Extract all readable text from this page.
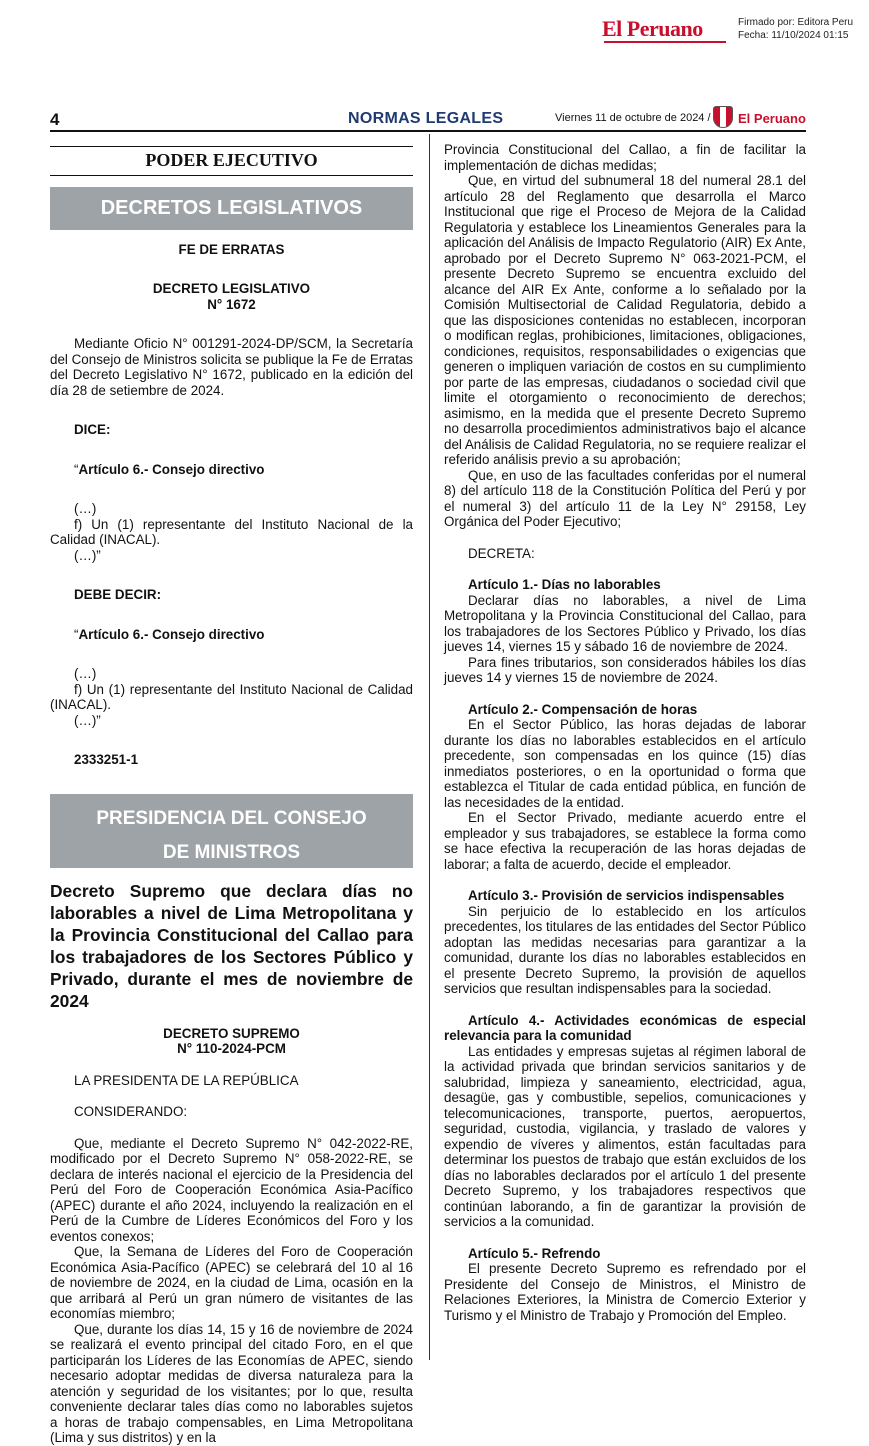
El Peruano	Firmado por: Editora Peru
Fecha: 11/10/2024 01:15
4	NORMAS LEGALES	Viernes 11 de octubre de 2024 / El Peruano
PODER EJECUTIVO
DECRETOS LEGISLATIVOS
FE DE ERRATAS
DECRETO LEGISLATIVO
N° 1672

Mediante Oficio N° 001291-2024-DP/SCM, la Secretaría del Consejo de Ministros solicita se publique la Fe de Erratas del Decreto Legislativo N° 1672, publicado en la edición del día 28 de setiembre de 2024.

DICE:
“Artículo 6.- Consejo directivo
(…)

f) Un (1) representante del Instituto Nacional de la Calidad (INACAL).

(…)”
DEBE DECIR:
“Artículo 6.- Consejo directivo
(…)

f) Un (1) representante del Instituto Nacional de Calidad (INACAL).

(…)”
2333251-1
PRESIDENCIA DEL CONSEJO
DE MINISTROS
Decreto Supremo que declara días no laborables a nivel de Lima Metropolitana y la Provincia Constitucional del Callao para los trabajadores de los Sectores Público y Privado, durante el mes de noviembre de 2024
DECRETO SUPREMO
N° 110-2024-PCM
LA PRESIDENTA DE LA REPÚBLICA
CONSIDERANDO:

Que, mediante el Decreto Supremo N° 042-2022-RE, modificado por el Decreto Supremo N° 058-2022-RE, se declara de interés nacional el ejercicio de la Presidencia del Perú del Foro de Cooperación Económica Asia-Pacífico (APEC) durante el año 2024, incluyendo la realización en el Perú de la Cumbre de Líderes Económicos del Foro y los eventos conexos;

Que, la Semana de Líderes del Foro de Cooperación Económica Asia-Pacífico (APEC) se celebrará del 10 al 16 de noviembre de 2024, en la ciudad de Lima, ocasión en la que arribará al Perú un gran número de visitantes de las economías miembro;

Que, durante los días 14, 15 y 16 de noviembre de 2024 se realizará el evento principal del citado Foro, en el que participarán los Líderes de las Economías de APEC, siendo necesario adoptar medidas de diversa naturaleza para la atención y seguridad de los visitantes; por lo que, resulta conveniente declarar tales días como no laborables sujetos a horas de trabajo compensables, en Lima Metropolitana (Lima y sus distritos) y en la

Provincia Constitucional del Callao, a fin de facilitar la implementación de dichas medidas;

Que, en virtud del subnumeral 18 del numeral 28.1 del artículo 28 del Reglamento que desarrolla el Marco Institucional que rige el Proceso de Mejora de la Calidad Regulatoria y establece los Lineamientos Generales para la aplicación del Análisis de Impacto Regulatorio (AIR) Ex Ante, aprobado por el Decreto Supremo N° 063-2021-PCM, el presente Decreto Supremo se encuentra excluido del alcance del AIR Ex Ante, conforme a lo señalado por la Comisión Multisectorial de Calidad Regulatoria, debido a que las disposiciones contenidas no establecen, incorporan o modifican reglas, prohibiciones, limitaciones, obligaciones, condiciones, requisitos, responsabilidades o exigencias que generen o impliquen variación de costos en su cumplimiento por parte de las empresas, ciudadanos o sociedad civil que limite el otorgamiento o reconocimiento de derechos; asimismo, en la medida que el presente Decreto Supremo no desarrolla procedimientos administrativos bajo el alcance del Análisis de Calidad Regulatoria, no se requiere realizar el referido análisis previo a su aprobación;

Que, en uso de las facultades conferidas por el numeral 8) del artículo 118 de la Constitución Política del Perú y por el numeral 3) del artículo 11 de la Ley N° 29158, Ley Orgánica del Poder Ejecutivo;

DECRETA:
Artículo 1.- Días no laborables

Declarar días no laborables, a nivel de Lima Metropolitana y la Provincia Constitucional del Callao, para los trabajadores de los Sectores Público y Privado, los días jueves 14, viernes 15 y sábado 16 de noviembre de 2024.

Para fines tributarios, son considerados hábiles los días jueves 14 y viernes 15 de noviembre de 2024.

Artículo 2.- Compensación de horas

En el Sector Público, las horas dejadas de laborar durante los días no laborables establecidos en el artículo precedente, son compensadas en los quince (15) días inmediatos posteriores, o en la oportunidad o forma que establezca el Titular de cada entidad pública, en función de las necesidades de la entidad.

En el Sector Privado, mediante acuerdo entre el empleador y sus trabajadores, se establece la forma como se hace efectiva la recuperación de las horas dejadas de laborar; a falta de acuerdo, decide el empleador.

Artículo 3.- Provisión de servicios indispensables

Sin perjuicio de lo establecido en los artículos precedentes, los titulares de las entidades del Sector Público adoptan las medidas necesarias para garantizar a la comunidad, durante los días no laborables establecidos en el presente Decreto Supremo, la provisión de aquellos servicios que resultan indispensables para la sociedad.

Artículo 4.- Actividades económicas de especial relevancia para la comunidad

Las entidades y empresas sujetas al régimen laboral de la actividad privada que brindan servicios sanitarios y de salubridad, limpieza y saneamiento, electricidad, agua, desagüe, gas y combustible, sepelios, comunicaciones y telecomunicaciones, transporte, puertos, aeropuertos, seguridad, custodia, vigilancia, y traslado de valores y expendio de víveres y alimentos, están facultadas para determinar los puestos de trabajo que están excluidos de los días no laborables declarados por el artículo 1 del presente Decreto Supremo, y los trabajadores respectivos que continúan laborando, a fin de garantizar la provisión de servicios a la comunidad.

Artículo 5.- Refrendo

El presente Decreto Supremo es refrendado por el Presidente del Consejo de Ministros, el Ministro de Relaciones Exteriores, la Ministra de Comercio Exterior y Turismo y el Ministro de Trabajo y Promoción del Empleo.
